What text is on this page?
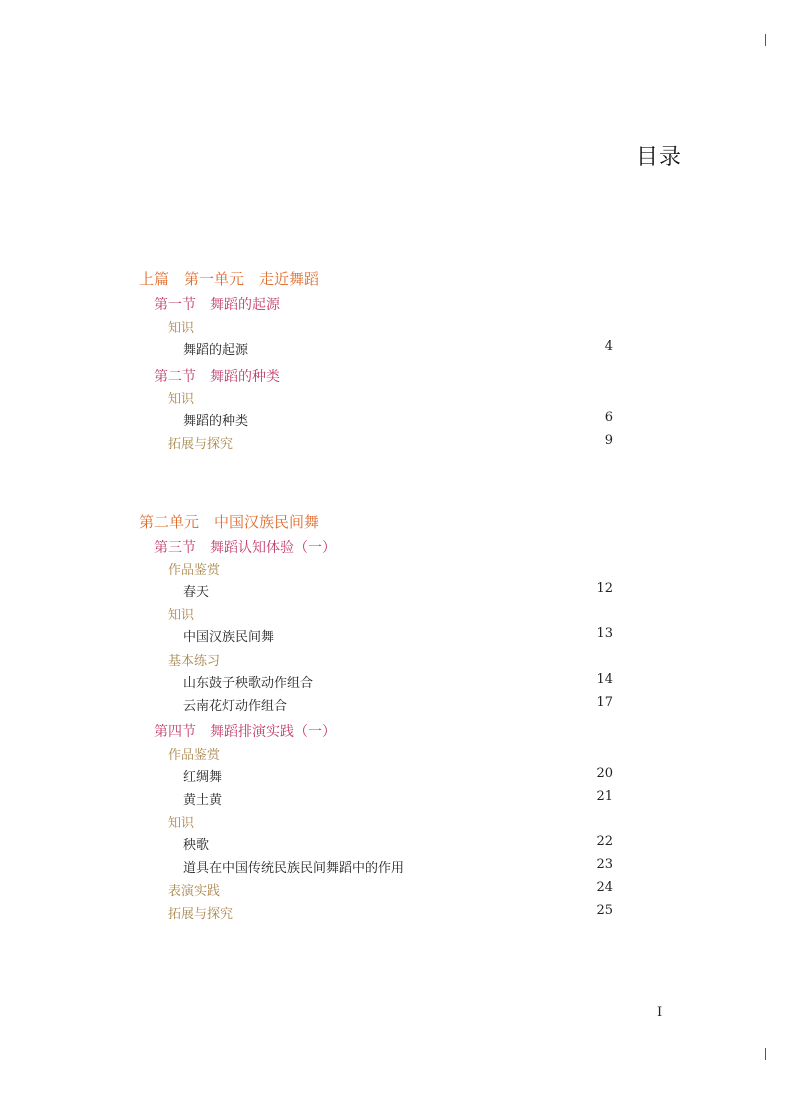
目录
上篇　第一单元　走近舞蹈
第一节　舞蹈的起源
知识
舞蹈的起源	4
第二节　舞蹈的种类
知识
舞蹈的种类	6
拓展与探究	9
第二单元　中国汉族民间舞
第三节　舞蹈认知体验（一）
作品鉴赏
春天	12
知识
中国汉族民间舞	13
基本练习
山东鼓子秧歌动作组合	14
云南花灯动作组合	17
第四节　舞蹈排演实践（一）
作品鉴赏
红绸舞	20
黄土黄	21
知识
秧歌	22
道具在中国传统民族民间舞蹈中的作用	23
表演实践	24
拓展与探究	25
I
